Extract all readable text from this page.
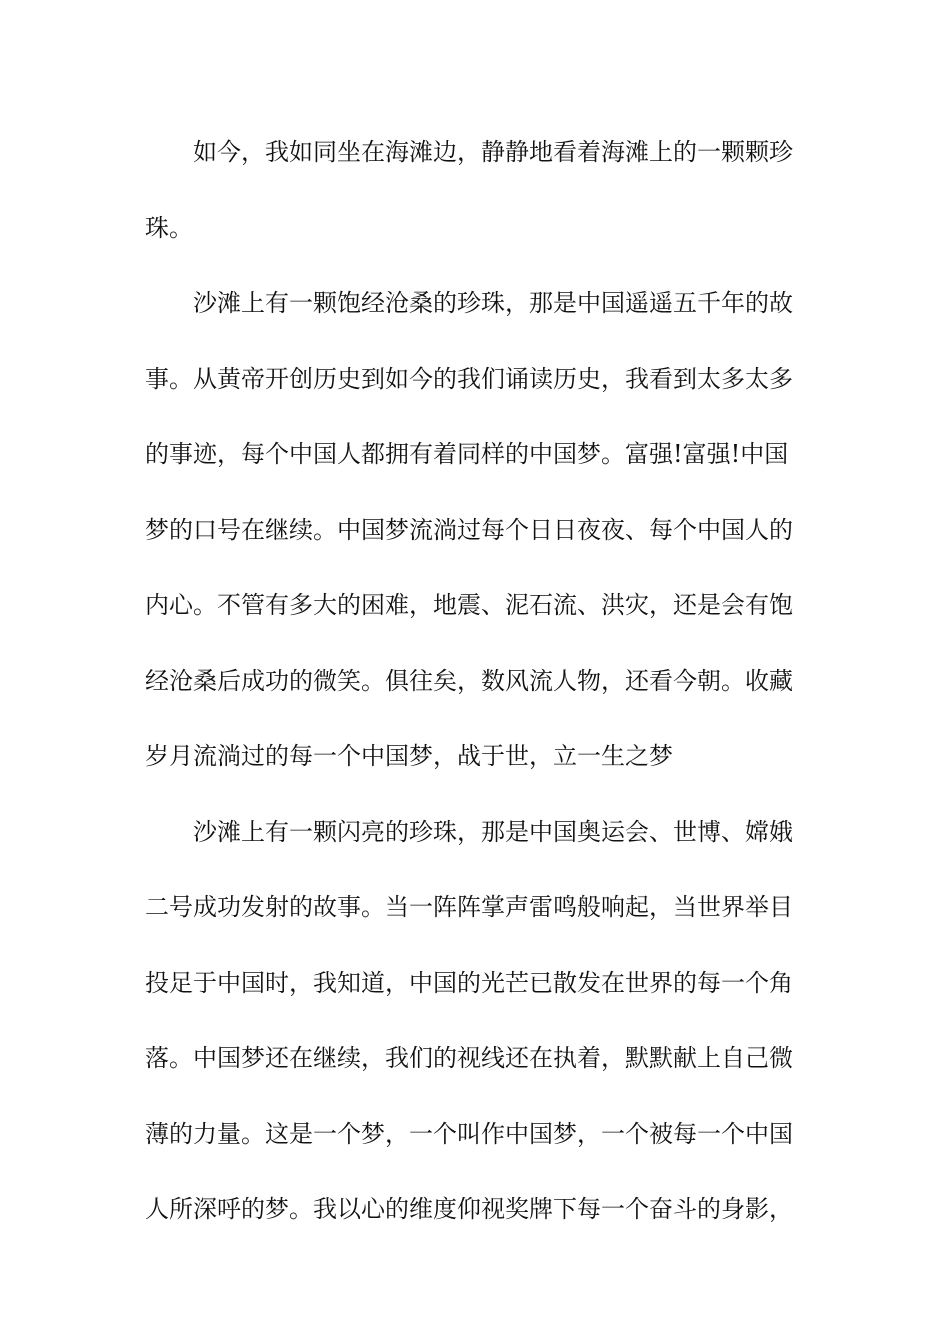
如今，我如同坐在海滩边，静静地看着海滩上的一颗颗珍
珠。
沙滩上有一颗饱经沧桑的珍珠，那是中国遥遥五千年的故
事。从黄帝开创历史到如今的我们诵读历史，我看到太多太多
的事迹，每个中国人都拥有着同样的中国梦。富强!富强!中国
梦的口号在继续。中国梦流淌过每个日日夜夜、每个中国人的
内心。不管有多大的困难，地震、泥石流、洪灾，还是会有饱
经沧桑后成功的微笑。俱往矣，数风流人物，还看今朝。收藏
岁月流淌过的每一个中国梦，战于世，立一生之梦
沙滩上有一颗闪亮的珍珠，那是中国奥运会、世博、嫦娥
二号成功发射的故事。当一阵阵掌声雷鸣般响起，当世界举目
投足于中国时，我知道，中国的光芒已散发在世界的每一个角
落。中国梦还在继续，我们的视线还在执着，默默献上自己微
薄的力量。这是一个梦，一个叫作中国梦，一个被每一个中国
人所深呼的梦。我以心的维度仰视奖牌下每一个奋斗的身影，
